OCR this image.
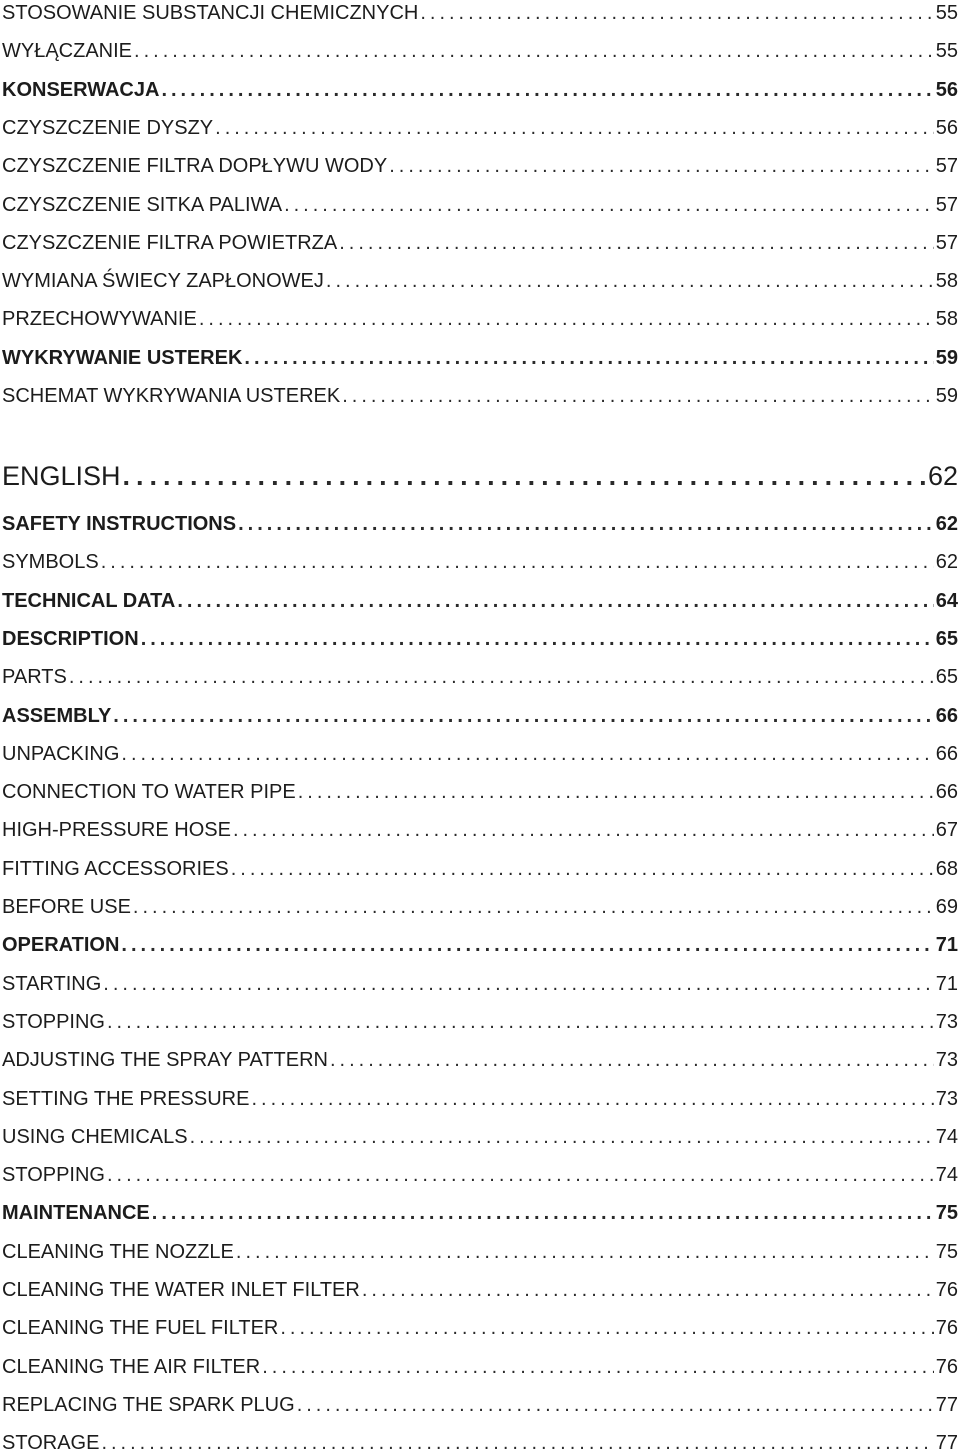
STOSOWANIE SUBSTANCJI CHEMICZNYCH .....	55
WYŁĄCZANIE .....	55
KONSERWACJA .....	56
CZYSZCZENIE DYSZY .....	56
CZYSZCZENIE FILTRA DOPŁYWU WODY .....	57
CZYSZCZENIE SITKA PALIWA .....	57
CZYSZCZENIE FILTRA POWIETRZA .....	57
WYMIANA ŚWIECY ZAPŁONOWEJ .....	58
PRZECHOWYWANIE .....	58
WYKRYWANIE USTEREK .....	59
SCHEMAT WYKRYWANIA USTEREK .....	59
ENGLISH .....	62
SAFETY INSTRUCTIONS .....	62
SYMBOLS .....	62
TECHNICAL DATA .....	64
DESCRIPTION .....	65
PARTS .....	65
ASSEMBLY .....	66
UNPACKING .....	66
CONNECTION TO WATER PIPE .....	66
HIGH-PRESSURE HOSE .....	67
FITTING ACCESSORIES .....	68
BEFORE USE .....	69
OPERATION .....	71
STARTING .....	71
STOPPING .....	73
ADJUSTING THE SPRAY PATTERN .....	73
SETTING THE PRESSURE .....	73
USING CHEMICALS .....	74
STOPPING .....	74
MAINTENANCE .....	75
CLEANING THE NOZZLE .....	75
CLEANING THE WATER INLET FILTER .....	76
CLEANING THE FUEL FILTER .....	76
CLEANING THE AIR FILTER .....	76
REPLACING THE SPARK PLUG .....	77
STORAGE .....	77
